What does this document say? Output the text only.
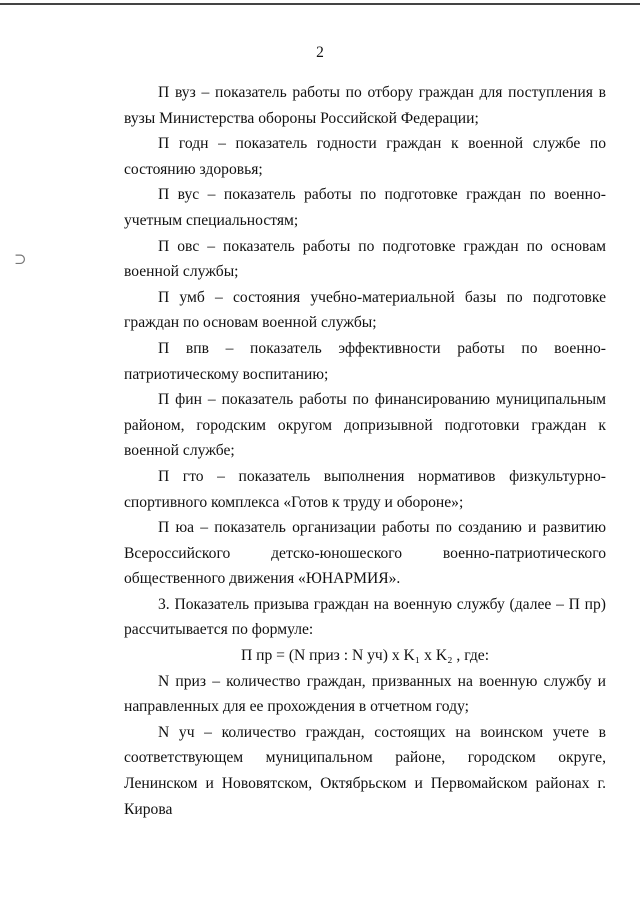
2
⊃

П вуз – показатель работы по отбору граждан для поступления в вузы Министерства обороны Российской Федерации;

П годн – показатель годности граждан к военной службе по состоянию здоровья;

П вус – показатель работы по подготовке граждан по военно-учетным специальностям;

П овс – показатель работы по подготовке граждан по основам военной службы;

П умб – состояния учебно-материальной базы по подготовке граждан по основам военной службы;

П впв – показатель эффективности работы по военно-патриотическому воспитанию;

П фин – показатель работы по финансированию муниципальным районом, городским округом допризывной подготовки граждан к военной службе;

П гто – показатель выполнения нормативов физкультурно-спортивного комплекса «Готов к труду и обороне»;

П юа – показатель организации работы по созданию и развитию Всероссийского детско-юношеского военно-патриотического общественного движения «ЮНАРМИЯ».

3. Показатель призыва граждан на военную службу (далее – П пр) рассчитывается по формуле:

П пр = (N приз : N уч) x K₁ x K₂ , где:

N приз – количество граждан, призванных на военную службу и направленных для ее прохождения в отчетном году;

N уч – количество граждан, состоящих на воинском учете в соответствующем муниципальном районе, городском округе, Ленинском и Нововятском, Октябрьском и Первомайском районах г. Кирова
